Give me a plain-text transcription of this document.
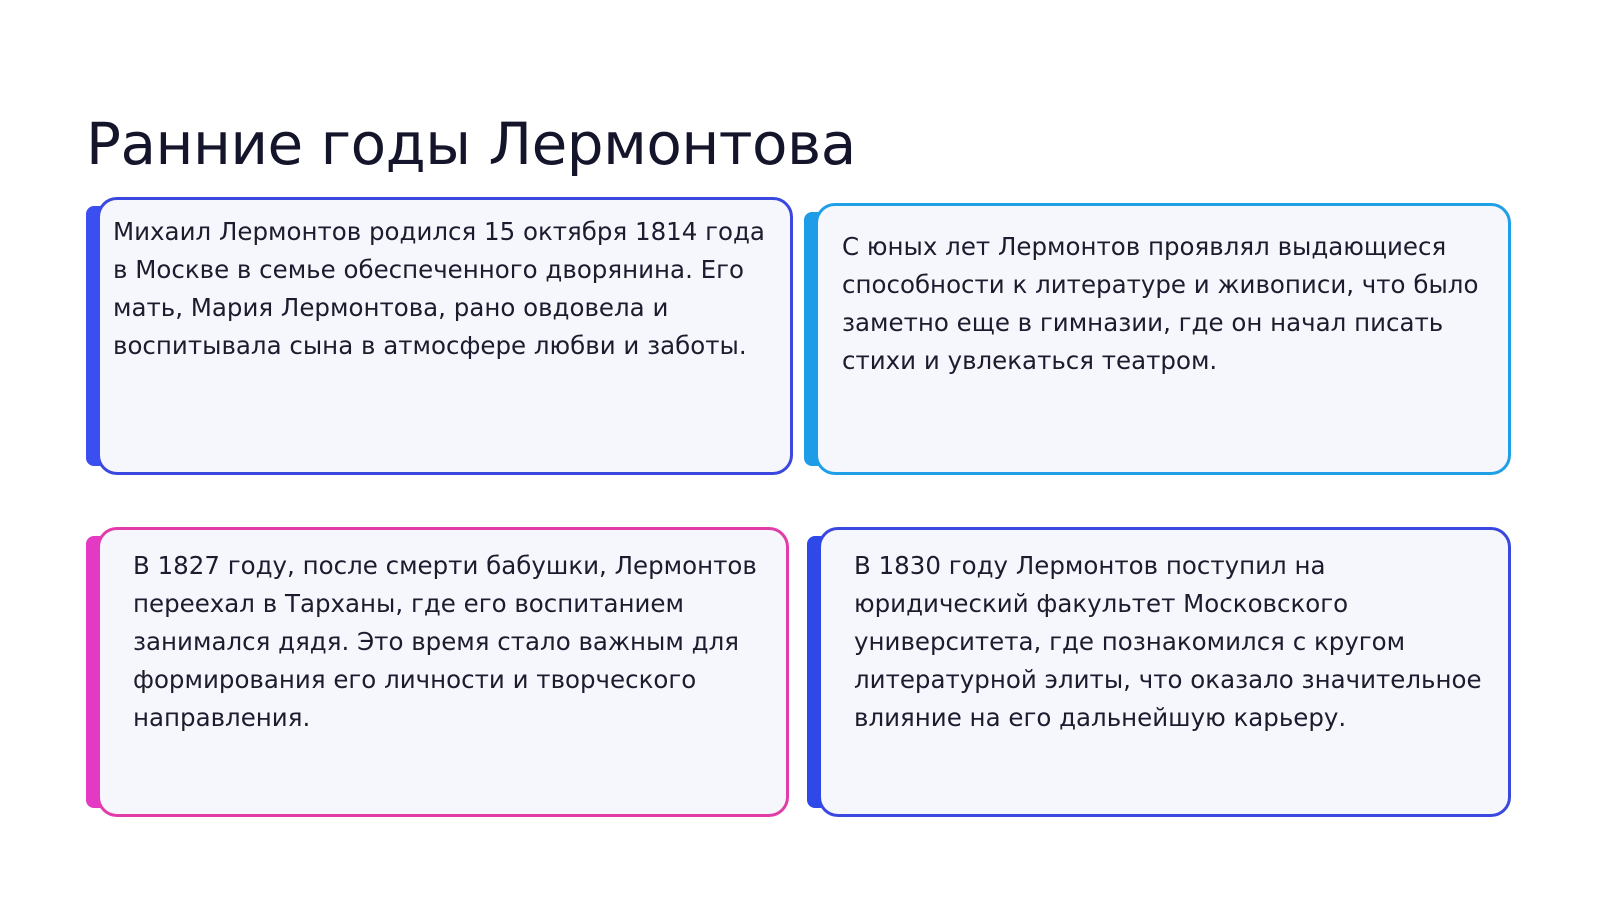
Ранние годы Лермонтова

Михаил Лермонтов родился 15 октября 1814 года в Москве в семье обеспеченного дворянина. Его мать, Мария Лермонтова, рано овдовела и воспитывала сына в атмосфере любви и заботы.

С юных лет Лермонтов проявлял выдающиеся способности к литературе и живописи, что было заметно еще в гимназии, где он начал писать стихи и увлекаться театром.

В 1827 году, после смерти бабушки, Лермонтов переехал в Тарханы, где его воспитанием занимался дядя. Это время стало важным для формирования его личности и творческого направления.

В 1830 году Лермонтов поступил на юридический факультет Московского университета, где познакомился с кругом литературной элиты, что оказало значительное влияние на его дальнейшую карьеру.
